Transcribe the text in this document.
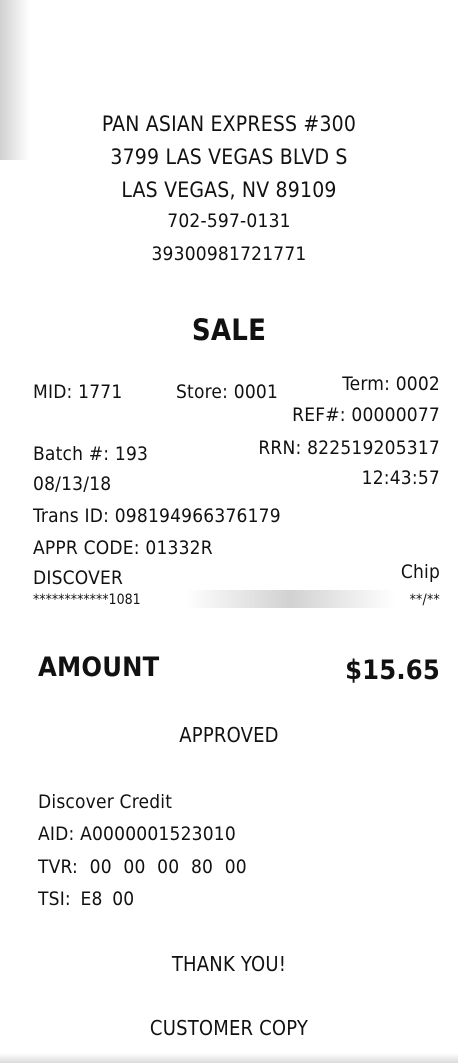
PAN ASIAN EXPRESS #300
3799 LAS VEGAS BLVD S
LAS VEGAS, NV 89109
702-597-0131
39300981721771
SALE
MID: 1771	Store: 0001	Term: 0002
REF#: 00000077
Batch #: 193	RRN: 822519205317
08/13/18	12:43:57
Trans ID: 098194966376179
APPR CODE: 01332R
DISCOVER	Chip
************1081	**/**
AMOUNT	$15.65
APPROVED
Discover Credit
AID: A0000001523010
TVR: 00 00 00 80 00
TSI: E8 00
THANK YOU!
CUSTOMER COPY
